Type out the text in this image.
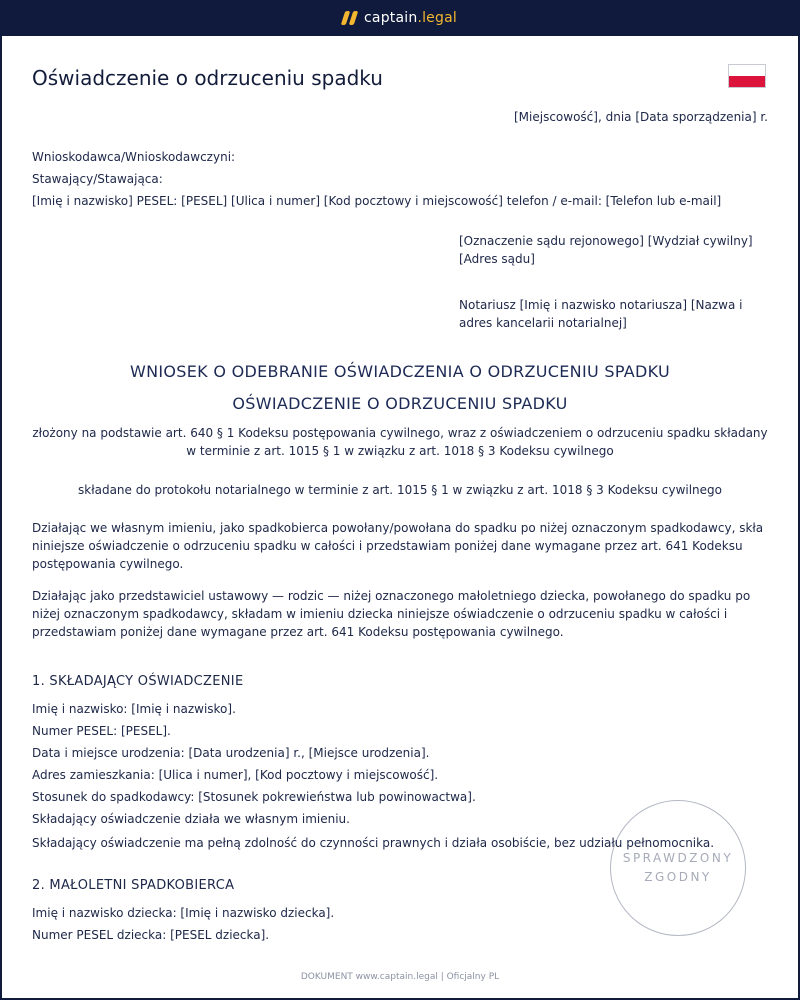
captain.legal
Oświadczenie o odrzuceniu spadku
[Miejscowość], dnia [Data sporządzenia] r.
Wnioskodawca/Wnioskodawczyni:
Stawający/Stawająca:
[Imię i nazwisko] PESEL: [PESEL] [Ulica i numer] [Kod pocztowy i miejscowość] telefon / e-mail: [Telefon lub e-mail]
[Oznaczenie sądu rejonowego] [Wydział cywilny]
[Adres sądu]
Notariusz [Imię i nazwisko notariusza] [Nazwa i
adres kancelarii notarialnej]
WNIOSEK O ODEBRANIE OŚWIADCZENIA O ODRZUCENIU SPADKU
OŚWIADCZENIE O ODRZUCENIU SPADKU
złożony na podstawie art. 640 § 1 Kodeksu postępowania cywilnego, wraz z oświadczeniem o odrzuceniu spadku składany
w terminie z art. 1015 § 1 w związku z art. 1018 § 3 Kodeksu cywilnego
składane do protokołu notarialnego w terminie z art. 1015 § 1 w związku z art. 1018 § 3 Kodeksu cywilnego
Działając we własnym imieniu, jako spadkobierca powołany/powołana do spadku po niżej oznaczonym spadkodawcy, skła
niniejsze oświadczenie o odrzuceniu spadku w całości i przedstawiam poniżej dane wymagane przez art. 641 Kodeksu
postępowania cywilnego.
Działając jako przedstawiciel ustawowy — rodzic — niżej oznaczonego małoletniego dziecka, powołanego do spadku po
niżej oznaczonym spadkodawcy, składam w imieniu dziecka niniejsze oświadczenie o odrzuceniu spadku w całości i
przedstawiam poniżej dane wymagane przez art. 641 Kodeksu postępowania cywilnego.
1. SKŁADAJĄCY OŚWIADCZENIE
Imię i nazwisko: [Imię i nazwisko].
Numer PESEL: [PESEL].
Data i miejsce urodzenia: [Data urodzenia] r., [Miejsce urodzenia].
Adres zamieszkania: [Ulica i numer], [Kod pocztowy i miejscowość].
Stosunek do spadkodawcy: [Stosunek pokrewieństwa lub powinowactwa].
Składający oświadczenie działa we własnym imieniu.
SPRAWDZONY
ZGODNY
Składający oświadczenie ma pełną zdolność do czynności prawnych i działa osobiście, bez udziału pełnomocnika.
2. MAŁOLETNI SPADKOBIERCA
Imię i nazwisko dziecka: [Imię i nazwisko dziecka].
Numer PESEL dziecka: [PESEL dziecka].
DOKUMENT www.captain.legal | Oficjalny PL
